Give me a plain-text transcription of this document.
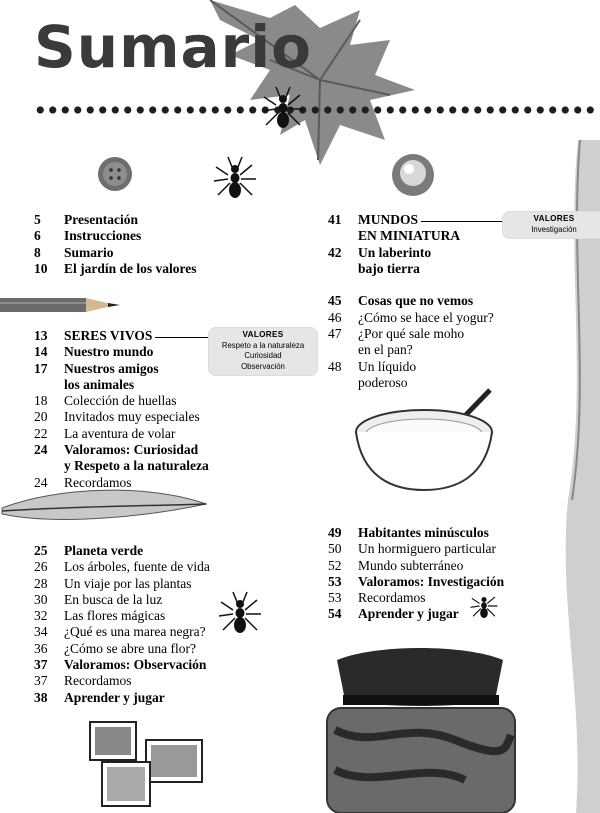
Sumario
5	Presentación
6	Instrucciones
8	Sumario
10	El jardín de los valores
13	SERES VIVOS
14	Nuestro mundo
17	Nuestros amigos
los animales
18	Colección de huellas
20	Invitados muy especiales
22	La aventura de volar
24	Valoramos: Curiosidad
y Respeto a la naturaleza
24	Recordamos
VALORES
Respeto a la naturaleza
Curiosidad
Observación
25	Planeta verde
26	Los árboles, fuente de vida
28	Un viaje por las plantas
30	En busca de la luz
32	Las flores mágicas
34	¿Qué es una marea negra?
36	¿Cómo se abre una flor?
37	Valoramos: Observación
37	Recordamos
38	Aprender y jugar
41	MUNDOS
EN MINIATURA
42	Un laberinto
bajo tierra
45	Cosas que no vemos
46	¿Cómo se hace el yogur?
47	¿Por qué sale moho
en el pan?
48	Un líquido
poderoso
VALORES
Investigación
49	Habitantes minúsculos
50	Un hormiguero particular
52	Mundo subterráneo
53	Valoramos: Investigación
53	Recordamos
54	Aprender y jugar
